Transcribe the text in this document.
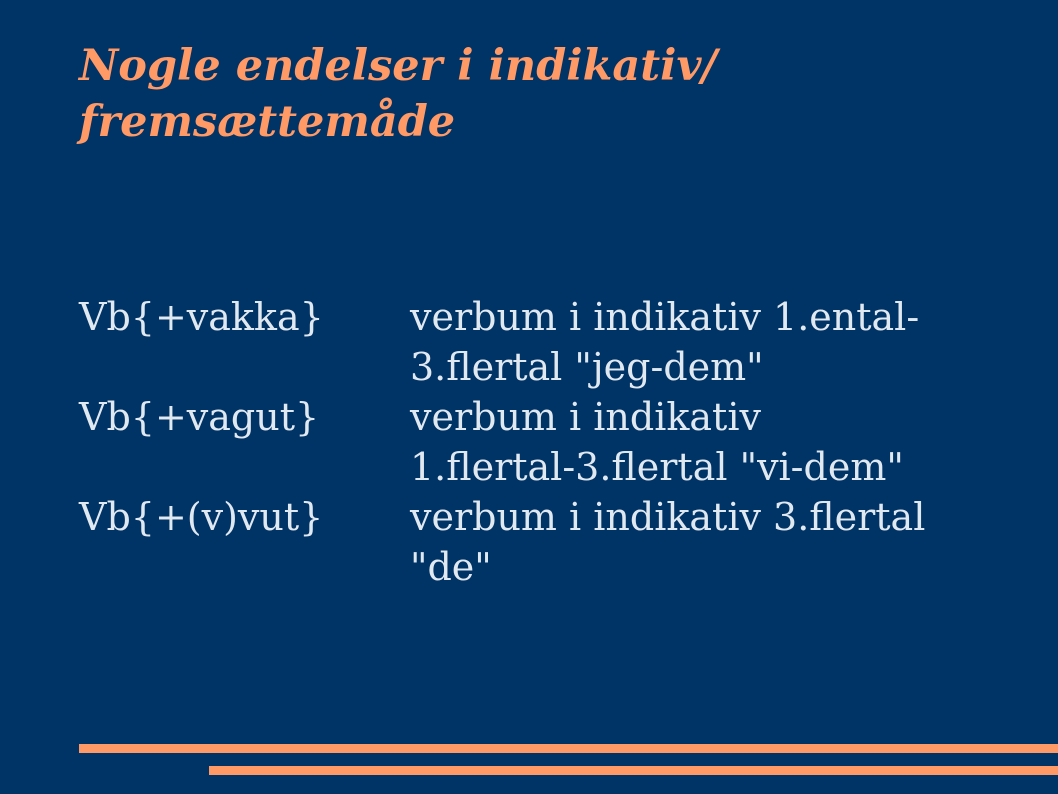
Nogle endelser i indikativ/
fremsættemåde
Vb{+vakka} verbum i indikativ 1.ental-
3.flertal "jeg-dem"
Vb{+vagut} verbum i indikativ
1.flertal-3.flertal "vi-dem"
Vb{+(v)vut} verbum i indikativ 3.flertal
"de"
